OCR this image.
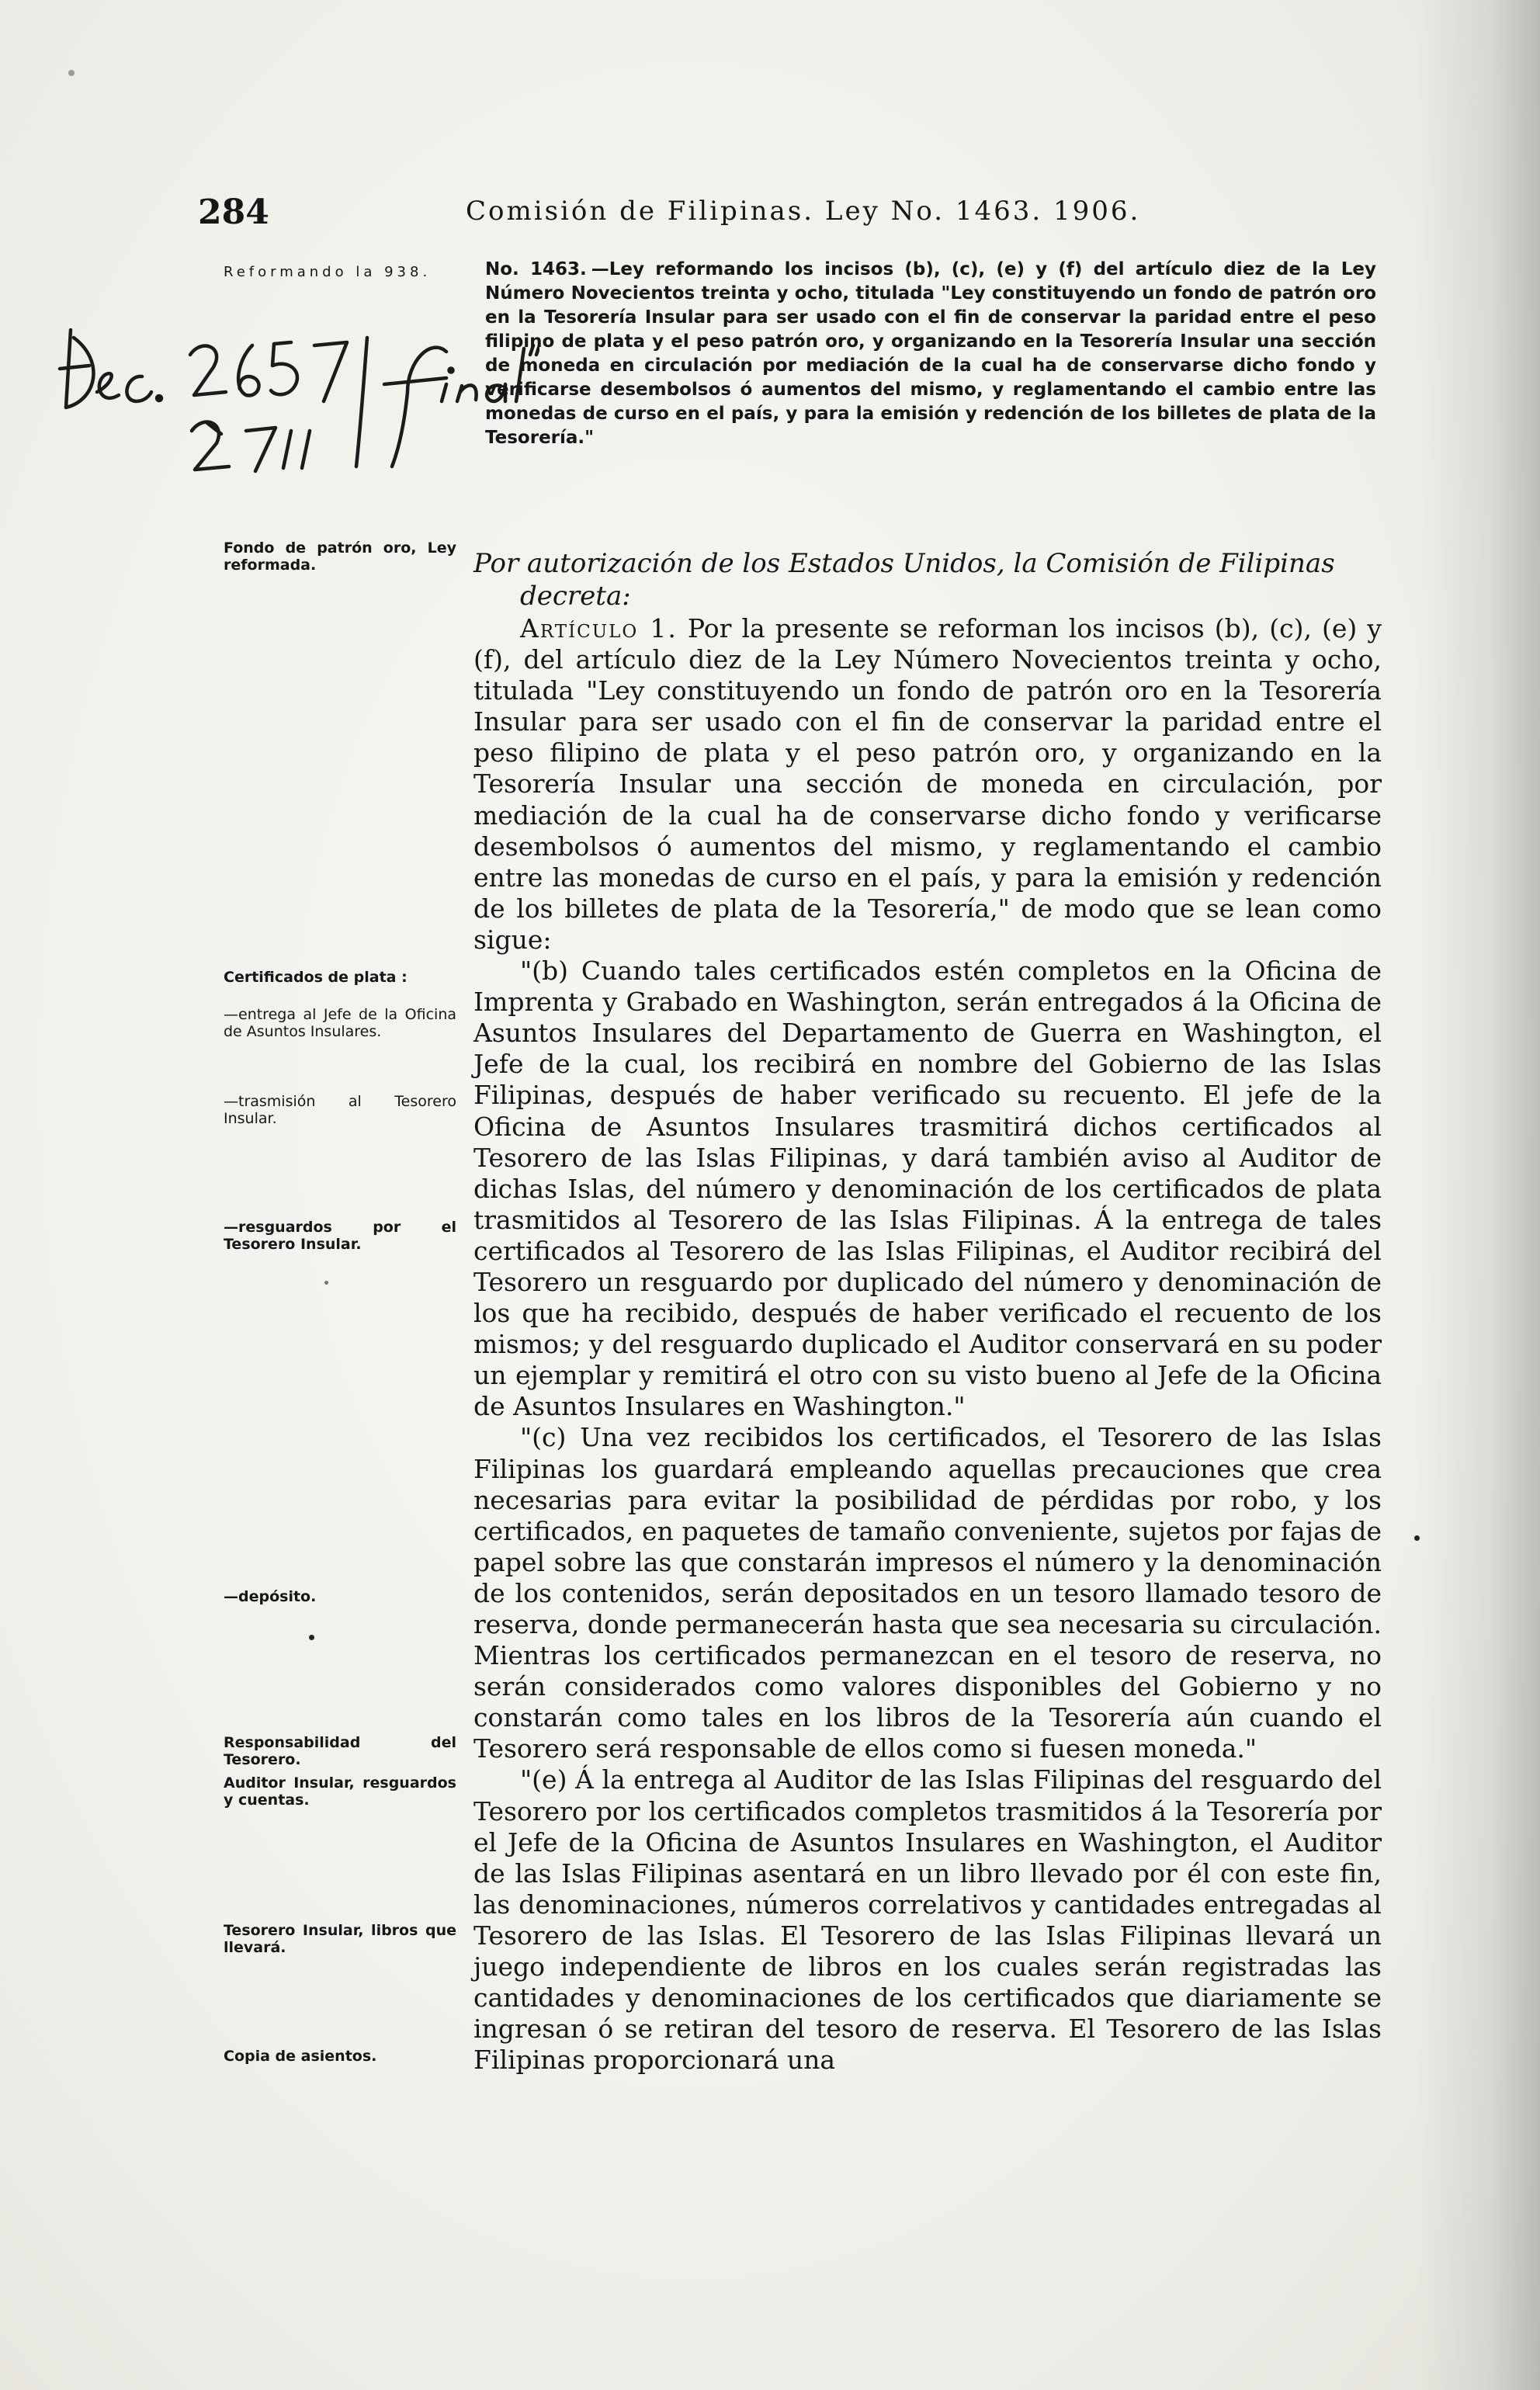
284	Comisión de Filipinas. Ley No. 1463. 1906.
Reformando la 938.
Fondo de patrón oro, Ley reformada.
Certificados de plata :
—entrega al Jefe de la Oficina de Asuntos Insulares.
—trasmisión al Tesorero Insular.
—resguardos por el Tesorero Insular.
—depósito.
Responsabilidad del Tesorero.
Auditor Insular, resguardos y cuentas.
Tesorero Insular, libros que llevará.
Copia de asientos.
No. 1463. —Ley reformando los incisos (b), (c), (e) y (f) del artículo diez de la Ley Número Novecientos treinta y ocho, titulada "Ley constituyendo un fondo de patrón oro en la Tesorería Insular para ser usado con el fin de conservar la paridad entre el peso filipino de plata y el peso patrón oro, y organizando en la Tesorería Insular una sección de moneda en circulación por mediación de la cual ha de conservarse dicho fondo y verificarse desembolsos ó aumentos del mismo, y reglamentando el cambio entre las monedas de curso en el país, y para la emisión y redención de los billetes de plata de la Tesorería."
Por autorización de los Estados Unidos, la Comisión de Filipinas
decreta:

Artículo 1. Por la presente se reforman los incisos (b), (c), (e) y (f), del artículo diez de la Ley Número Novecientos treinta y ocho, titulada "Ley constituyendo un fondo de patrón oro en la Tesorería Insular para ser usado con el fin de conservar la paridad entre el peso filipino de plata y el peso patrón oro, y organizando en la Tesorería Insular una sección de moneda en circulación, por mediación de la cual ha de conservarse dicho fondo y verificarse desembolsos ó aumentos del mismo, y reglamentando el cambio entre las monedas de curso en el país, y para la emisión y redención de los billetes de plata de la Tesorería," de modo que se lean como sigue:

"(b) Cuando tales certificados estén completos en la Oficina de Imprenta y Grabado en Washington, serán entregados á la Oficina de Asuntos Insulares del Departamento de Guerra en Washington, el Jefe de la cual, los recibirá en nombre del Gobierno de las Islas Filipinas, después de haber verificado su recuento. El jefe de la Oficina de Asuntos Insulares trasmitirá dichos certificados al Tesorero de las Islas Filipinas, y dará también aviso al Auditor de dichas Islas, del número y denominación de los certificados de plata trasmitidos al Tesorero de las Islas Filipinas. Á la entrega de tales certificados al Tesorero de las Islas Filipinas, el Auditor recibirá del Tesorero un resguardo por duplicado del número y denominación de los que ha recibido, después de haber verificado el recuento de los mismos; y del resguardo duplicado el Auditor conservará en su poder un ejemplar y remitirá el otro con su visto bueno al Jefe de la Oficina de Asuntos Insulares en Washington."

"(c) Una vez recibidos los certificados, el Tesorero de las Islas Filipinas los guardará empleando aquellas precauciones que crea necesarias para evitar la posibilidad de pérdidas por robo, y los certificados, en paquetes de tamaño conveniente, sujetos por fajas de papel sobre las que constarán impresos el número y la denominación de los contenidos, serán depositados en un tesoro llamado tesoro de reserva, donde permanecerán hasta que sea necesaria su circulación. Mientras los certificados permanezcan en el tesoro de reserva, no serán considerados como valores disponibles del Gobierno y no constarán como tales en los libros de la Tesorería aún cuando el Tesorero será responsable de ellos como si fuesen moneda."

"(e) Á la entrega al Auditor de las Islas Filipinas del resguardo del Tesorero por los certificados completos trasmitidos á la Tesorería por el Jefe de la Oficina de Asuntos Insulares en Washington, el Auditor de las Islas Filipinas asentará en un libro llevado por él con este fin, las denominaciones, números correlativos y cantidades entregadas al Tesorero de las Islas. El Tesorero de las Islas Filipinas llevará un juego independiente de libros en los cuales serán registradas las cantidades y denominaciones de los certificados que diariamente se ingresan ó se retiran del tesoro de reserva. El Tesorero de las Islas Filipinas proporcionará una
